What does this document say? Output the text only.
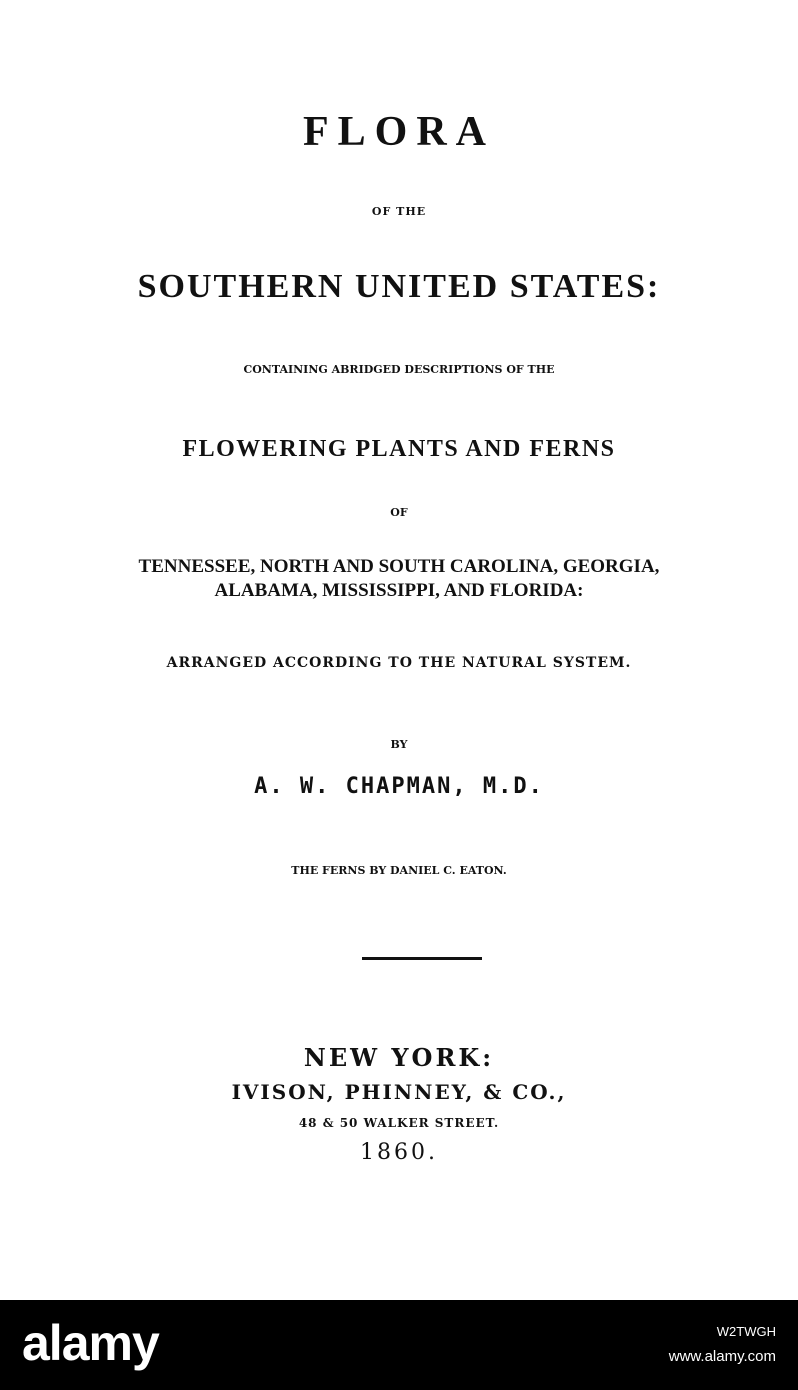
FLORA
OF THE
SOUTHERN UNITED STATES:
CONTAINING ABRIDGED DESCRIPTIONS OF THE
FLOWERING PLANTS AND FERNS
OF
TENNESSEE, NORTH AND SOUTH CAROLINA, GEORGIA,
ALABAMA, MISSISSIPPI, AND FLORIDA:
ARRANGED ACCORDING TO THE NATURAL SYSTEM.
BY
A. W. CHAPMAN, M.D.
THE FERNS BY DANIEL C. EATON.
NEW YORK:
IVISON, PHINNEY, & CO.,
48 & 50 WALKER STREET.
1860.
alamy	W2TWGH
www.alamy.com
